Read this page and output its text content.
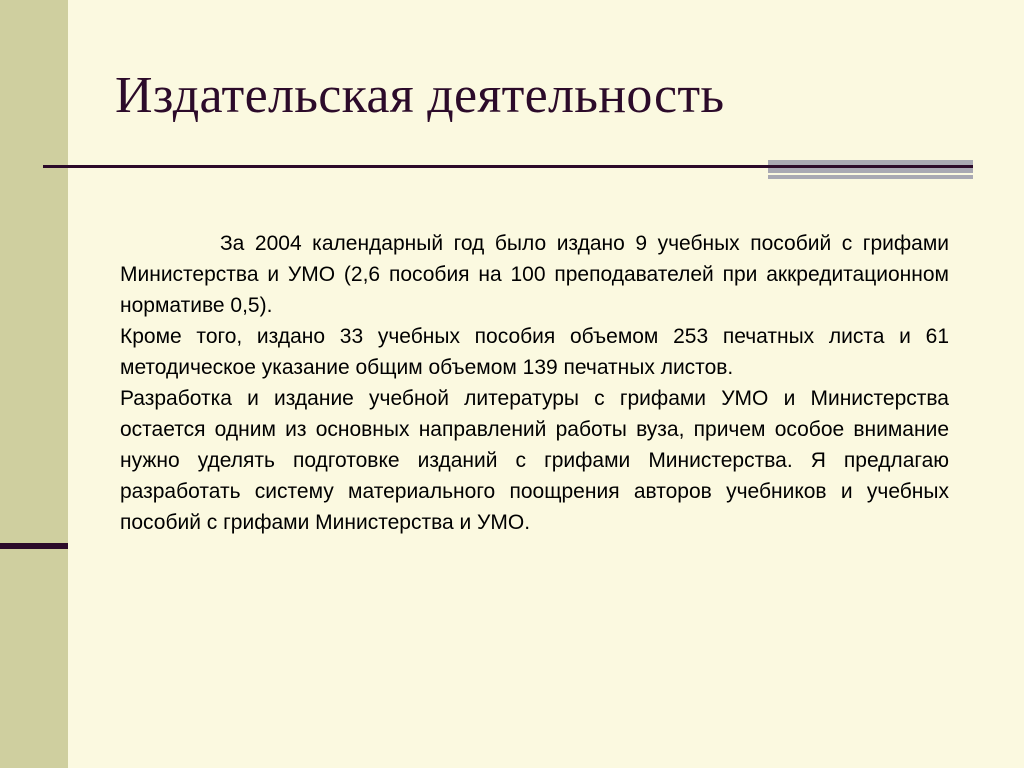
Издательская деятельность

За 2004 календарный год было издано 9 учебных пособий с грифами Министерства и УМО (2,6 пособия на 100 преподавателей при аккредитационном нормативе 0,5).

Кроме того, издано 33 учебных пособия объемом 253 печатных листа и 61 методическое указание общим объемом 139 печатных листов.

Разработка и издание учебной литературы с грифами УМО и Министерства остается одним из основных направлений работы вуза, причем особое внимание нужно уделять подготовке изданий с грифами Министерства. Я предлагаю разработать систему материального поощрения авторов учебников и учебных пособий с грифами Министерства и УМО.
